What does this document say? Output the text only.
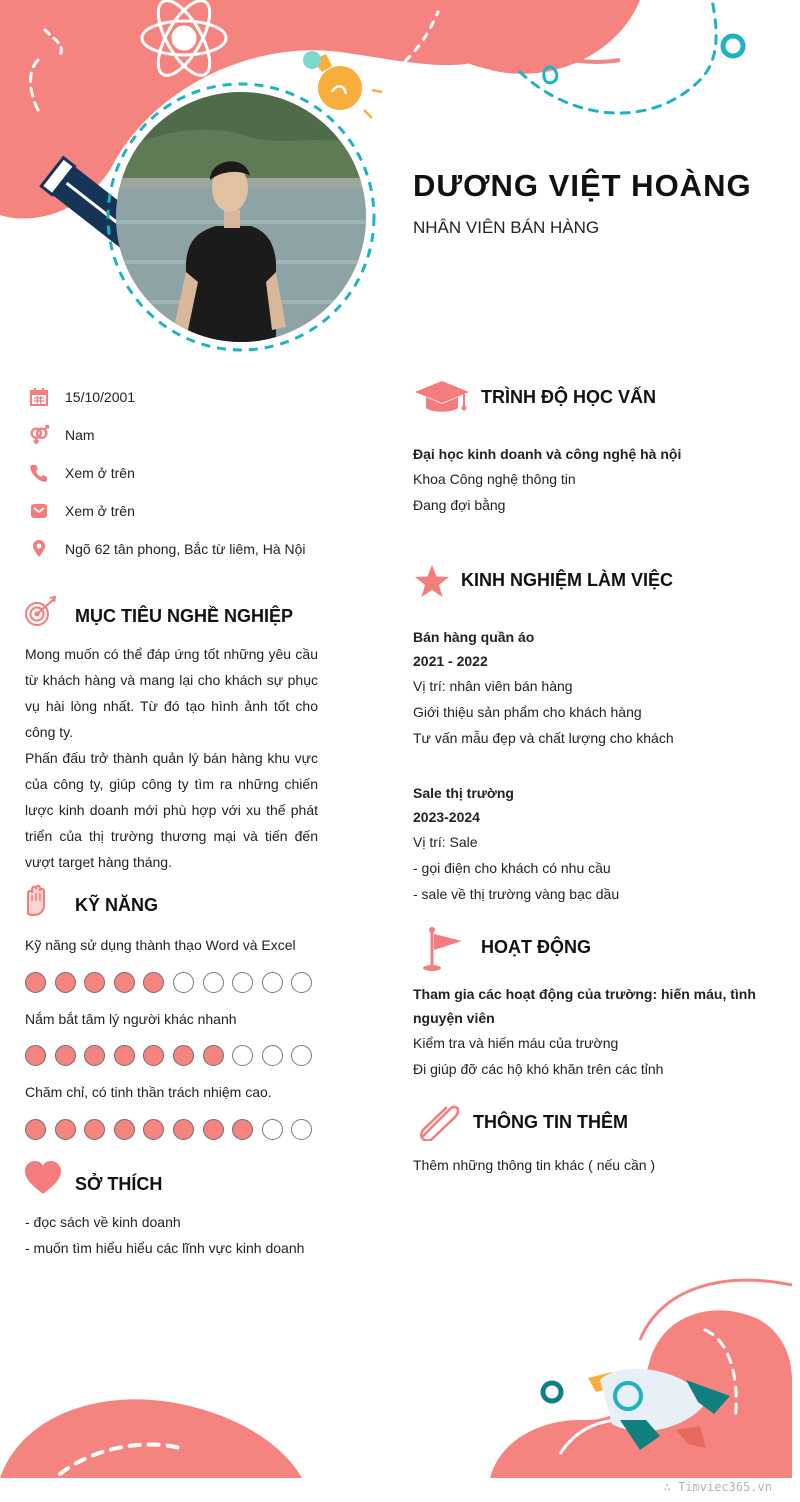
DƯƠNG VIỆT HOÀNG
NHÂN VIÊN BÁN HÀNG
15/10/2001
Nam
Xem ở trên
Xem ở trên
Ngõ 62 tân phong, Bắc từ liêm, Hà Nội
MỤC TIÊU NGHỀ NGHIỆP
Mong muốn có thể đáp ứng tốt những yêu cầu từ khách hàng và mang lại cho khách sự phục vụ hài lòng nhất. Từ đó tạo hình ảnh tốt cho công ty.
Phấn đấu trở thành quản lý bán hàng khu vực của công ty, giúp công ty tìm ra những chiến lược kinh doanh mới phù hợp với xu thế phát triển của thị trường thương mại và tiến đến vượt target hàng tháng.
KỸ NĂNG
Kỹ năng sử dụng thành thạo Word và Excel
Nắm bắt tâm lý người khác nhanh
Chăm chỉ, có tinh thần trách nhiệm cao.
SỞ THÍCH
- đọc sách về kinh doanh
- muốn tìm hiểu hiểu các lĩnh vực kinh doanh
TRÌNH ĐỘ HỌC VẤN
Đại học kinh doanh và công nghệ hà nội
Khoa Công nghệ thông tin
Đang đợi bằng
KINH NGHIỆM LÀM VIỆC
Bán hàng quần áo
2021 - 2022
Vị trí: nhân viên bán hàng
Giới thiệu sản phẩm cho khách hàng
Tư vấn mẫu đẹp và chất lượng cho khách
Sale thị trường
2023-2024
Vị trí: Sale
- gọi điện cho khách có nhu cầu
- sale về thị trường vàng bạc dầu
HOẠT ĐỘNG
Tham gia các hoạt động của trường: hiến máu, tình
nguyện viên
Kiểm tra và hiến máu của trường
Đi giúp đỡ các hộ khó khăn trên các tỉnh
THÔNG TIN THÊM
Thêm những thông tin khác ( nếu cần )
∴ Timviec365.vn
